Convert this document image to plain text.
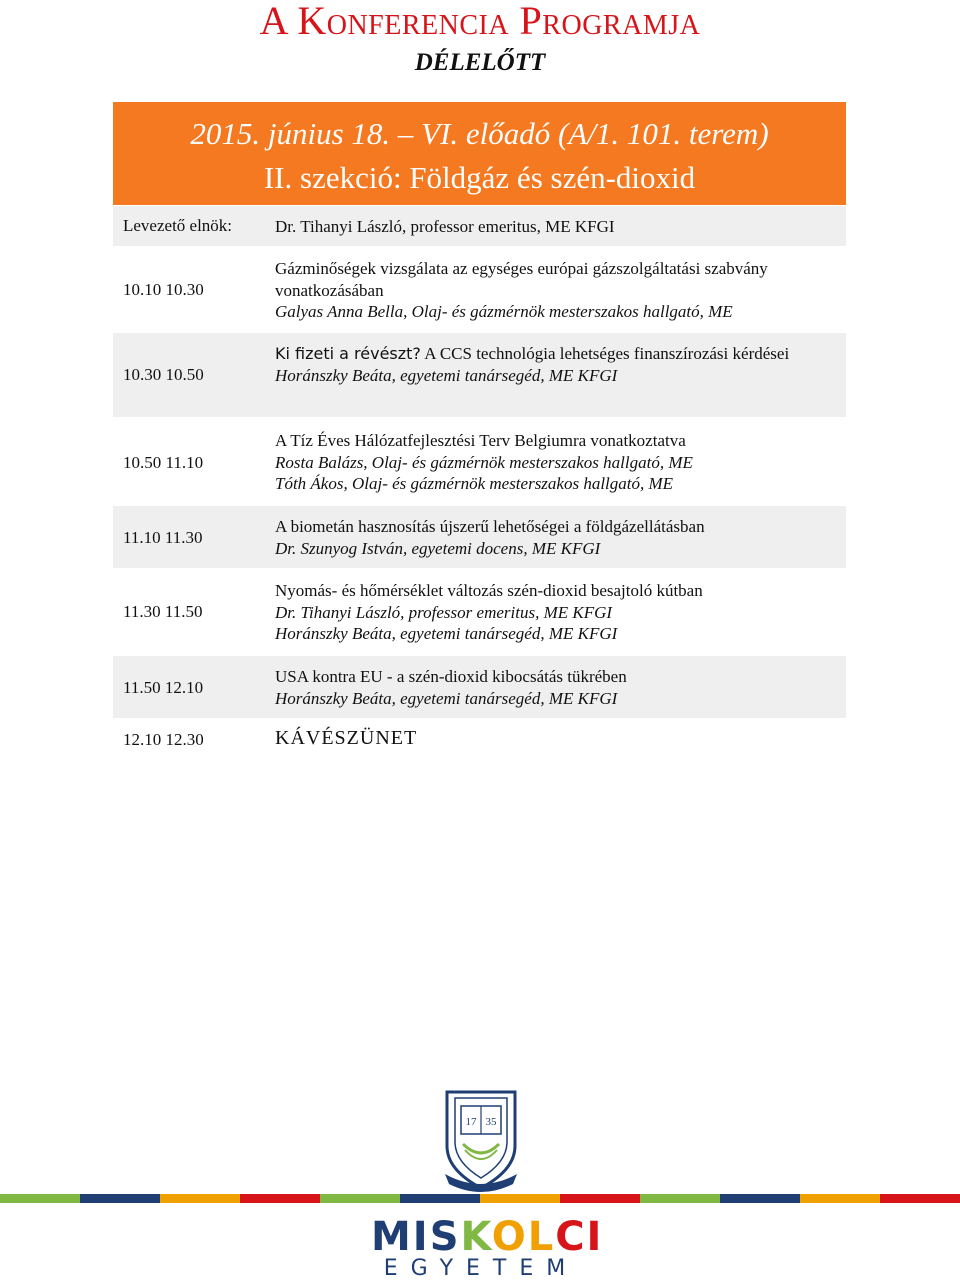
A Konferencia Programja
DÉLELŐTT
2015. június 18. – VI. előadó (A/1. 101. terem)
II. szekció: Földgáz és szén-dioxid
Levezető elnök:	Dr. Tihanyi László, professor emeritus, ME KFGI
10.10 10.30
Gázminőségek vizsgálata az egységes európai gázszolgáltatási szabvány vonatkozásában
Galyas Anna Bella, Olaj- és gázmérnök mesterszakos hallgató, ME
10.30 10.50
Ki fizeti a révészt? A CCS technológia lehetséges finanszírozási kérdései
Horánszky Beáta, egyetemi tanársegéd, ME KFGI
10.50 11.10
A Tíz Éves Hálózatfejlesztési Terv Belgiumra vonatkoztatva
Rosta Balázs, Olaj- és gázmérnök mesterszakos hallgató, ME
Tóth Ákos, Olaj- és gázmérnök mesterszakos hallgató, ME
11.10 11.30
A biometán hasznosítás újszerű lehetőségei a földgázellátásban
Dr. Szunyog István, egyetemi docens, ME KFGI
11.30 11.50
Nyomás- és hőmérséklet változás szén-dioxid besajtoló kútban
Dr. Tihanyi László, professor emeritus, ME KFGI
Horánszky Beáta, egyetemi tanársegéd, ME KFGI
11.50 12.10
USA kontra EU - a szén-dioxid kibocsátás tükrében
Horánszky Beáta, egyetemi tanársegéd, ME KFGI
12.10 12.30	KÁVÉSZÜNET
17 35
MISKOLCI
EGYETEM
